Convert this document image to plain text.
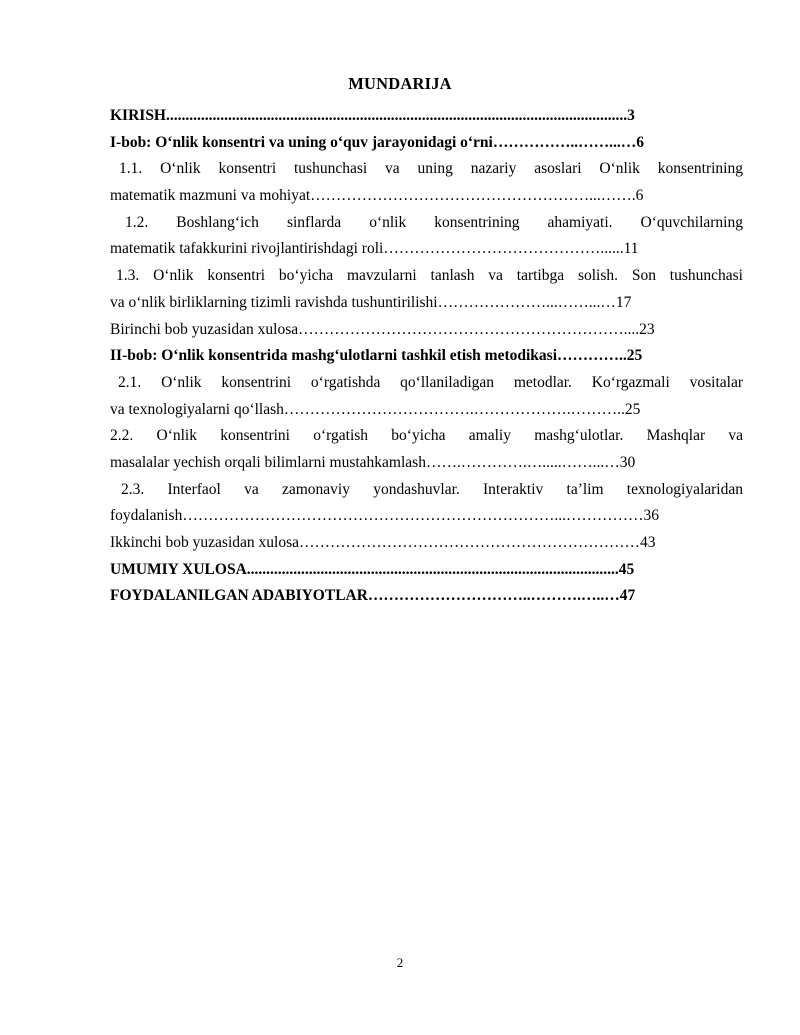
MUNDARIJA
KIRISH.......................................................................................................................3
I-bob: O‘nlik konsentri va uning o‘quv jarayonidagi o‘rni……………..……...…6
1.1. O‘nlik konsentri tushunchasi va uning nazariy asoslari O‘nlik konsentrining
matematik mazmuni va mohiyat………………………………………………...…….6
1.2. Boshlang‘ich sinflarda o‘nlik konsentrining ahamiyati. O‘quvchilarning
matematik tafakkurini rivojlantirishdagi roli……………………………………......11
1.3. O‘nlik konsentri bo‘yicha mavzularni tanlash va tartibga solish. Son tushunchasi
va o‘nlik birliklarning tizimli ravishda tushuntirilishi…………………...……...…17
Birinchi bob yuzasidan xulosa………………………………………………………....23
II-bob: O‘nlik konsentrida mashg‘ulotlarni tashkil etish metodikasi…………..25
2.1. O‘nlik konsentrini o‘rgatishda qo‘llaniladigan metodlar. Ko‘rgazmali vositalar
va texnologiyalarni qo‘llash……………………………….……………….………..25
2.2. O‘nlik konsentrini o‘rgatish bo‘yicha amaliy mashg‘ulotlar. Mashqlar va
masalalar yechish orqali bilimlarni mustahkamlash…….………….….....……...…30
2.3. Interfaol va zamonaviy yondashuvlar. Interaktiv ta’lim texnologiyalaridan
foydalanish………………………………………………………………...……………36
Ikkinchi bob yuzasidan xulosa…………………………………………………………43
UMUMIY XULOSA................................................................................................45
FOYDALANILGAN ADABIYOTLAR…………………………..……….…..…47
2
